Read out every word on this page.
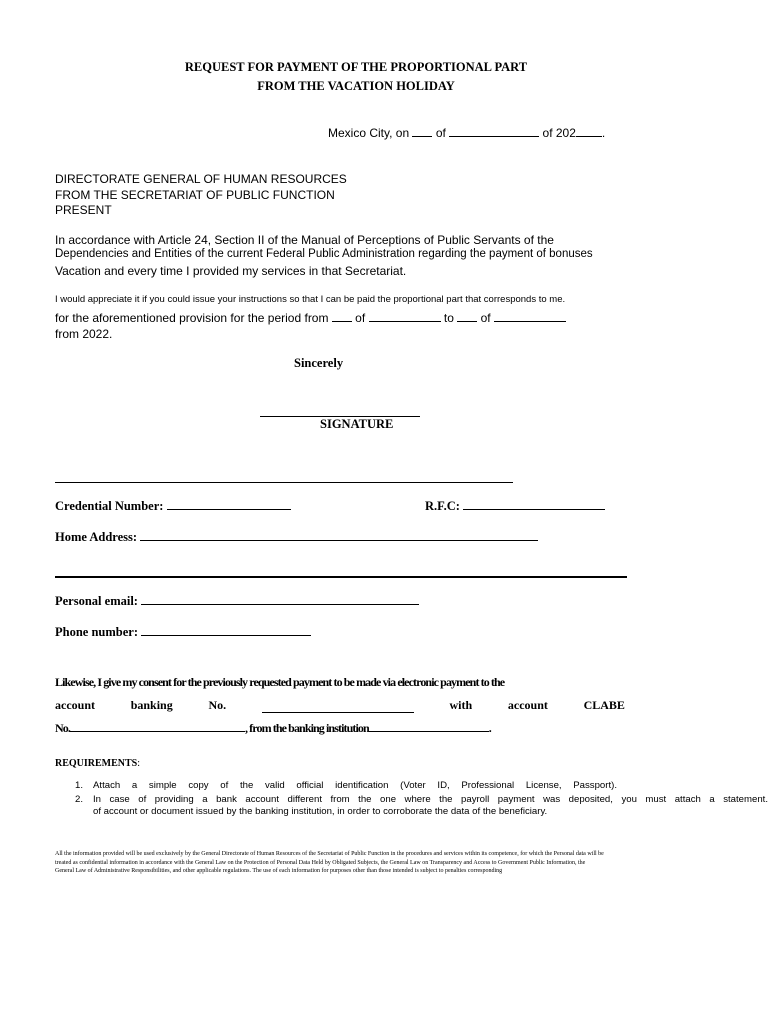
REQUEST FOR PAYMENT OF THE PROPORTIONAL PART
FROM THE VACATION HOLIDAY
Mexico City, on of	of 202 .
DIRECTORATE GENERAL OF HUMAN RESOURCES
FROM THE SECRETARIAT OF PUBLIC FUNCTION
PRESENT
In accordance with Article 24, Section II of the Manual of Perceptions of Public Servants of the
Dependencies and Entities of the current Federal Public Administration regarding the payment of bonuses
Vacation and every time I provided my services in that Secretariat.
I would appreciate it if you could issue your instructions so that I can be paid the proportional part that corresponds to me.
for the aforementioned provision for the period from of	to of
from 2022.
Sincerely
SIGNATURE
Credential Number:	R.F.C:
Home Address:
Personal email:
Phone number:
Likewise, I give my consent for the previously requested payment to be made via electronic payment to the
account	banking	No.	with	account	CLABE
No.	, from the banking institution	.
REQUIREMENTS:
1. Attach a simple copy of the valid official identification (Voter ID, Professional License, Passport).
2. In case of providing a bank account different from the one where the payroll payment was deposited, you must attach a statement.
of account or document issued by the banking institution, in order to corroborate the data of the beneficiary.
All the information provided will be used exclusively by the General Directorate of Human Resources of the Secretariat of Public Function in the procedures and services within its competence, for which the Personal data will be treated as confidential information in accordance with the General Law on the Protection of Personal Data Held by Obligated Subjects, the General Law on Transparency and Access to Government Public Information, the General Law of Administrative Responsibilities, and other applicable regulations. The use of each information for purposes other than those intended is subject to penalties corresponding
